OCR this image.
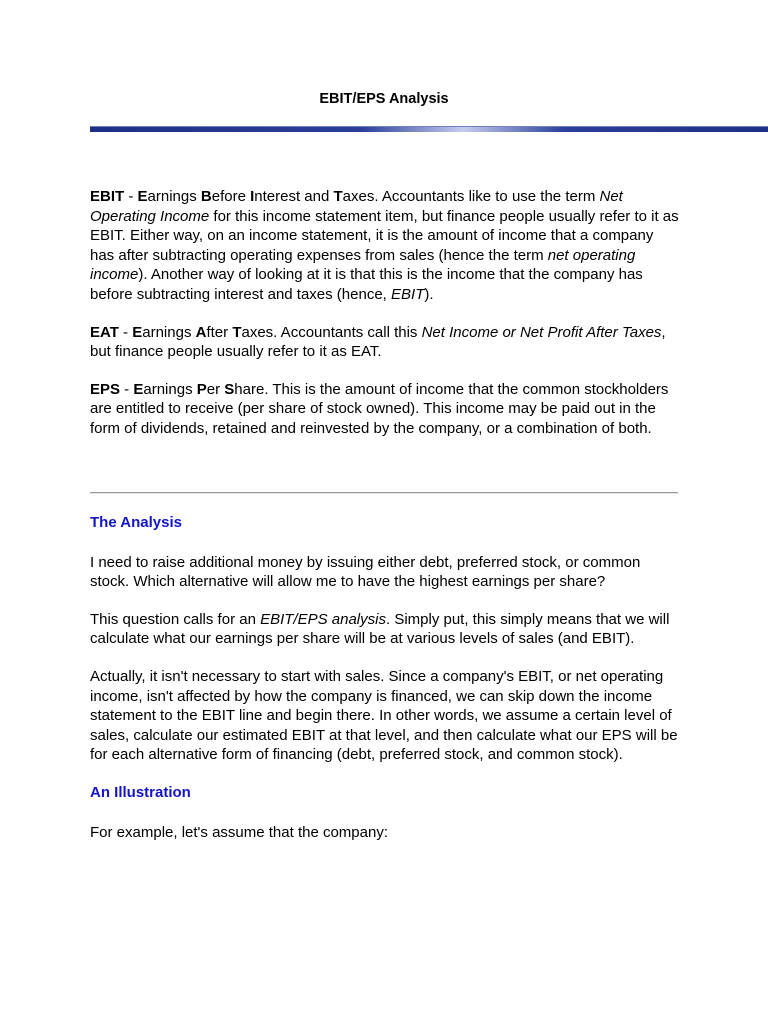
EBIT/EPS Analysis

EBIT - Earnings Before Interest and Taxes. Accountants like to use the term Net Operating Income for this income statement item, but finance people usually refer to it as EBIT. Either way, on an income statement, it is the amount of income that a company has after subtracting operating expenses from sales (hence the term net operating income). Another way of looking at it is that this is the income that the company has before subtracting interest and taxes (hence, EBIT).

EAT - Earnings After Taxes. Accountants call this Net Income or Net Profit After Taxes, but finance people usually refer to it as EAT.

EPS - Earnings Per Share. This is the amount of income that the common stockholders are entitled to receive (per share of stock owned). This income may be paid out in the form of dividends, retained and reinvested by the company, or a combination of both.

The Analysis

I need to raise additional money by issuing either debt, preferred stock, or common stock. Which alternative will allow me to have the highest earnings per share?

This question calls for an EBIT/EPS analysis. Simply put, this simply means that we will calculate what our earnings per share will be at various levels of sales (and EBIT).

Actually, it isn't necessary to start with sales. Since a company's EBIT, or net operating income, isn't affected by how the company is financed, we can skip down the income statement to the EBIT line and begin there. In other words, we assume a certain level of sales, calculate our estimated EBIT at that level, and then calculate what our EPS will be for each alternative form of financing (debt, preferred stock, and common stock).

An Illustration

For example, let's assume that the company:
